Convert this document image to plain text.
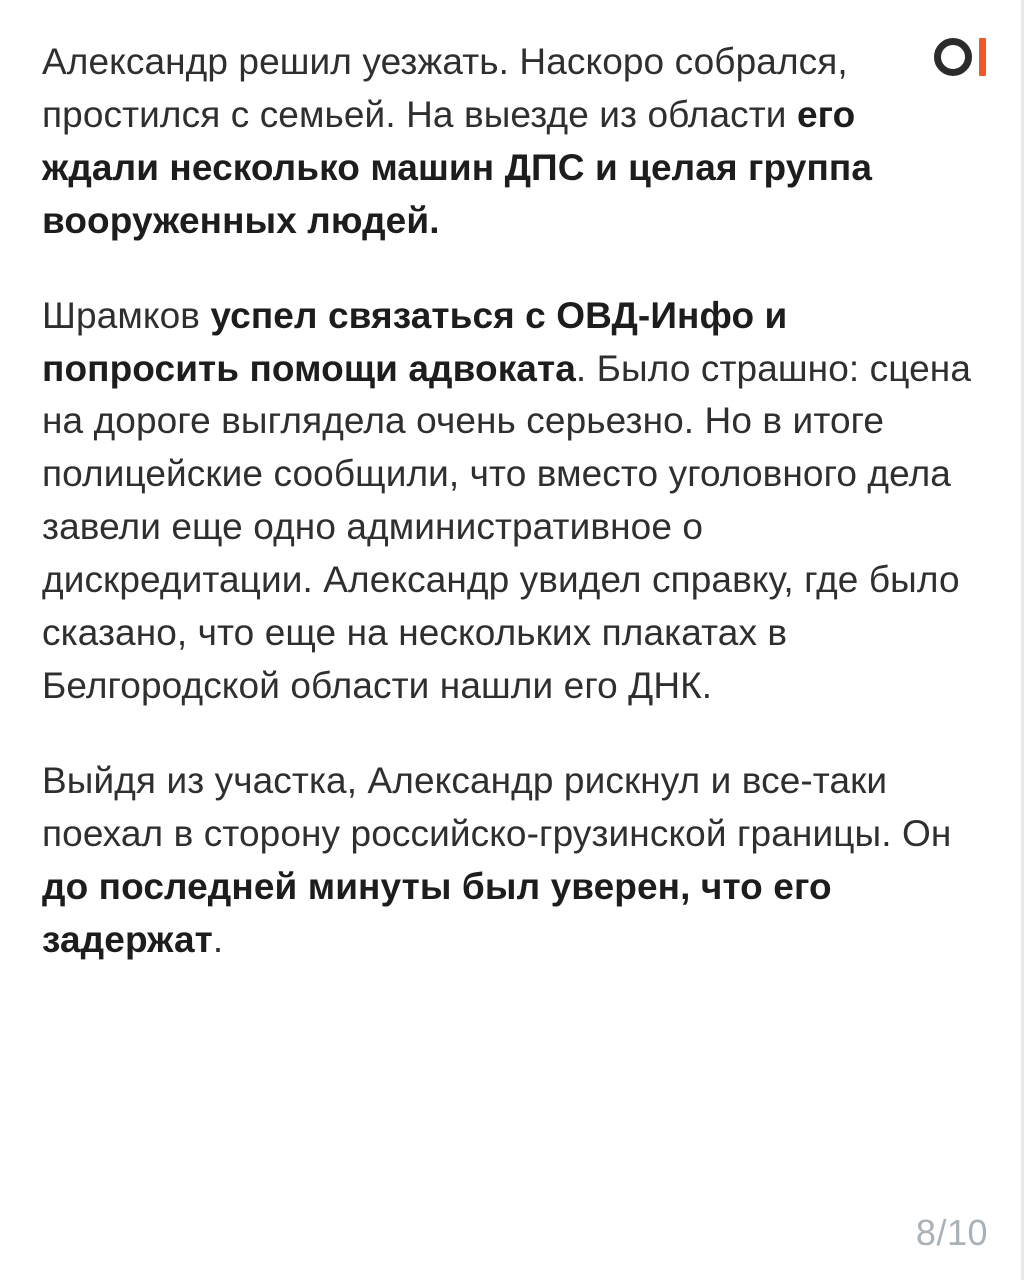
Александр решил уезжать. Наскоро собрался, простился с семьей. На выезде из области его ждали несколько машин ДПС и целая группа вооруженных людей.

Шрамков успел связаться с ОВД-Инфо и попросить помощи адвоката. Было страшно: сцена на дороге выглядела очень серьезно. Но в итоге полицейские сообщили, что вместо уголовного дела завели еще одно административное о дискредитации. Александр увидел справку, где было сказано, что еще на нескольких плакатах в Белгородской области нашли его ДНК.

Выйдя из участка, Александр рискнул и все-таки поехал в сторону российско-грузинской границы. Он до последней минуты был уверен, что его задержат.

8/10
